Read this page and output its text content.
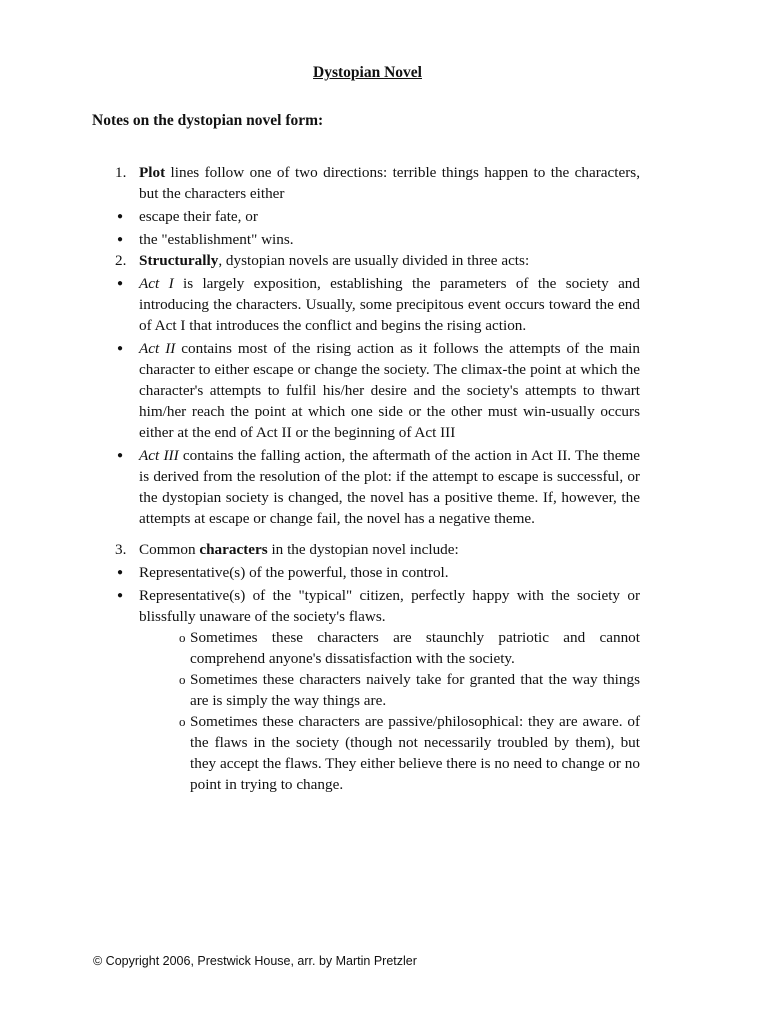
Dystopian Novel
Notes on the dystopian novel form:
1. Plot lines follow one of two directions: terrible things happen to the characters, but the characters either
● escape their fate, or
● the "establishment" wins.
2. Structurally, dystopian novels are usually divided in three acts:
● Act I is largely exposition, establishing the parameters of the society and introducing the characters. Usually, some precipitous event occurs toward the end of Act I that introduces the conflict and begins the rising action.
● Act II contains most of the rising action as it follows the attempts of the main character to either escape or change the society. The climax-the point at which the character's attempts to fulfil his/her desire and the society's attempts to thwart him/her reach the point at which one side or the other must win-usually occurs either at the end of Act II or the beginning of Act III
● Act III contains the falling action, the aftermath of the action in Act II. The theme is derived from the resolution of the plot: if the attempt to escape is successful, or the dystopian society is changed, the novel has a positive theme. If, however, the attempts at escape or change fail, the novel has a negative theme.
3. Common characters in the dystopian novel include:
● Representative(s) of the powerful, those in control.
● Representative(s) of the "typical" citizen, perfectly happy with the society or blissfully unaware of the society's flaws.
o Sometimes these characters are staunchly patriotic and cannot comprehend anyone's dissatisfaction with the society.
o Sometimes these characters naively take for granted that the way things are is simply the way things are.
o Sometimes these characters are passive/philosophical: they are aware. of the flaws in the society (though not necessarily troubled by them), but they accept the flaws. They either believe there is no need to change or no point in trying to change.
© Copyright 2006, Prestwick House, arr. by Martin Pretzler
